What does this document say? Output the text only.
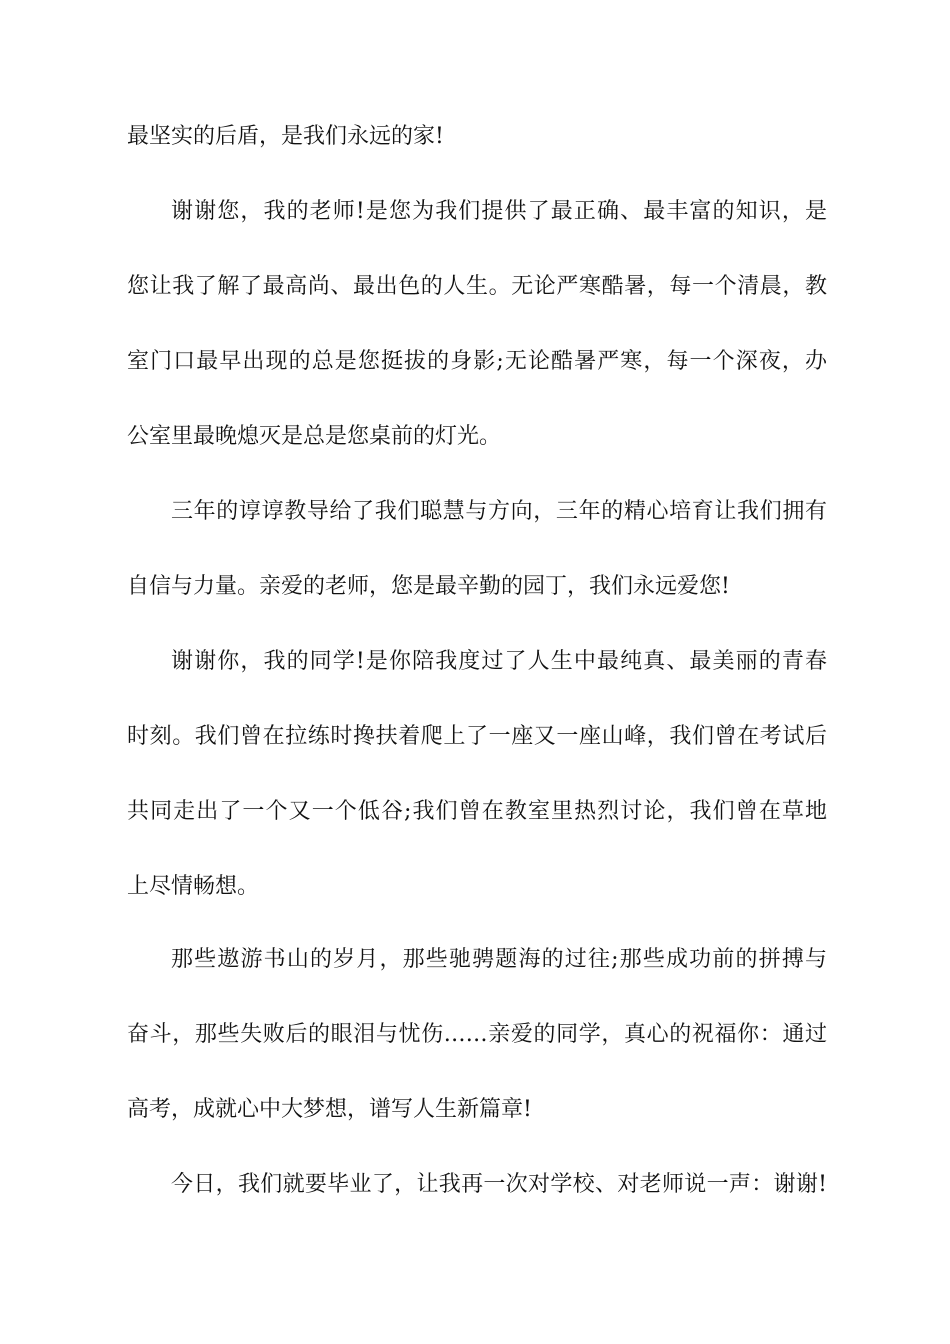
最坚实的后盾，是我们永远的家!
谢谢您，我的老师!是您为我们提供了最正确、最丰富的知识，是
您让我了解了最高尚、最出色的人生。无论严寒酷暑，每一个清晨，教
室门口最早出现的总是您挺拔的身影;无论酷暑严寒，每一个深夜，办
公室里最晚熄灭是总是您桌前的灯光。
三年的谆谆教导给了我们聪慧与方向，三年的精心培育让我们拥有
自信与力量。亲爱的老师，您是最辛勤的园丁，我们永远爱您!
谢谢你，我的同学!是你陪我度过了人生中最纯真、最美丽的青春
时刻。我们曾在拉练时搀扶着爬上了一座又一座山峰，我们曾在考试后
共同走出了一个又一个低谷;我们曾在教室里热烈讨论，我们曾在草地
上尽情畅想。
那些遨游书山的岁月，那些驰骋题海的过往;那些成功前的拼搏与
奋斗，那些失败后的眼泪与忧伤……亲爱的同学，真心的祝福你：通过
高考，成就心中大梦想，谱写人生新篇章!
今日，我们就要毕业了，让我再一次对学校、对老师说一声：谢谢!
